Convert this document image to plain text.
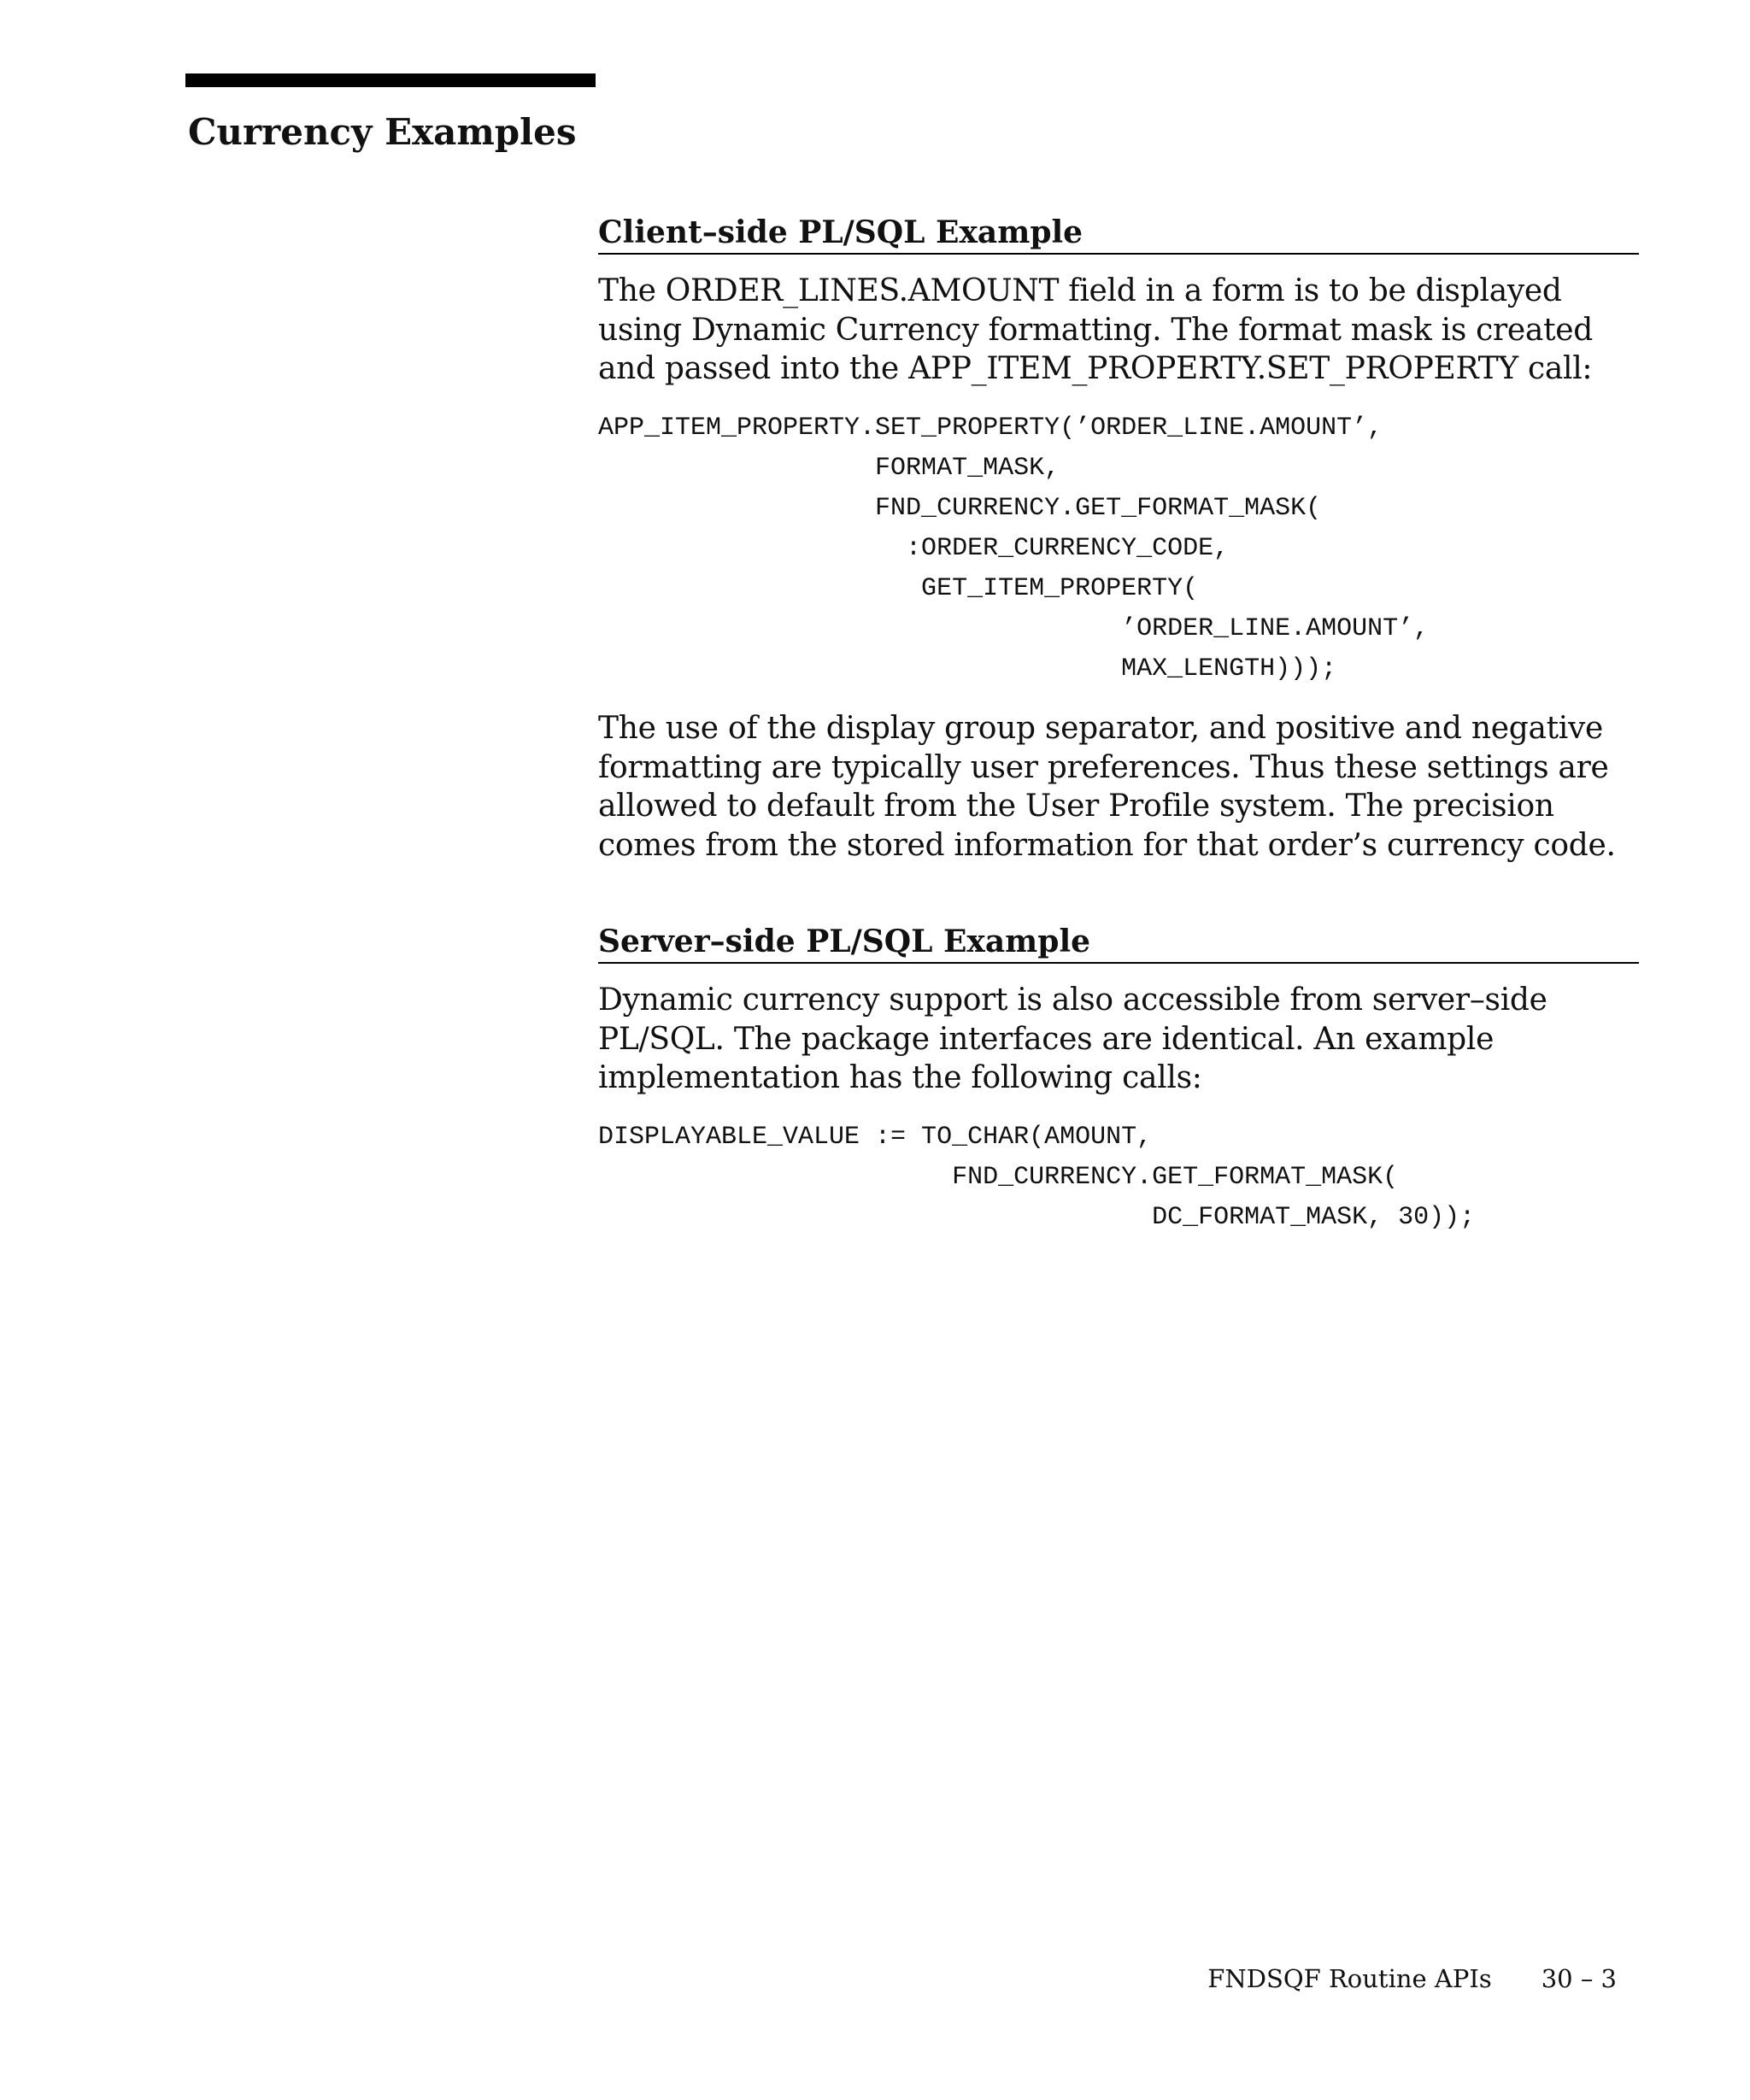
Currency Examples
Client–side PL/SQL Example

The ORDER_LINES.AMOUNT field in a form is to be displayed using Dynamic Currency formatting. The format mask is created and passed into the APP_ITEM_PROPERTY.SET_PROPERTY call:

APP_ITEM_PROPERTY.SET_PROPERTY(’ORDER_LINE.AMOUNT’,
FORMAT_MASK,
FND_CURRENCY.GET_FORMAT_MASK(
:ORDER_CURRENCY_CODE,
GET_ITEM_PROPERTY(
’ORDER_LINE.AMOUNT’,
MAX_LENGTH)));

The use of the display group separator, and positive and negative formatting are typically user preferences. Thus these settings are allowed to default from the User Profile system. The precision comes from the stored information for that order’s currency code.

Server–side PL/SQL Example

Dynamic currency support is also accessible from server–side PL/SQL. The package interfaces are identical. An example implementation has the following calls:

DISPLAYABLE_VALUE := TO_CHAR(AMOUNT,
FND_CURRENCY.GET_FORMAT_MASK(
DC_FORMAT_MASK, 30));
FNDSQF Routine APIs 30 – 3
